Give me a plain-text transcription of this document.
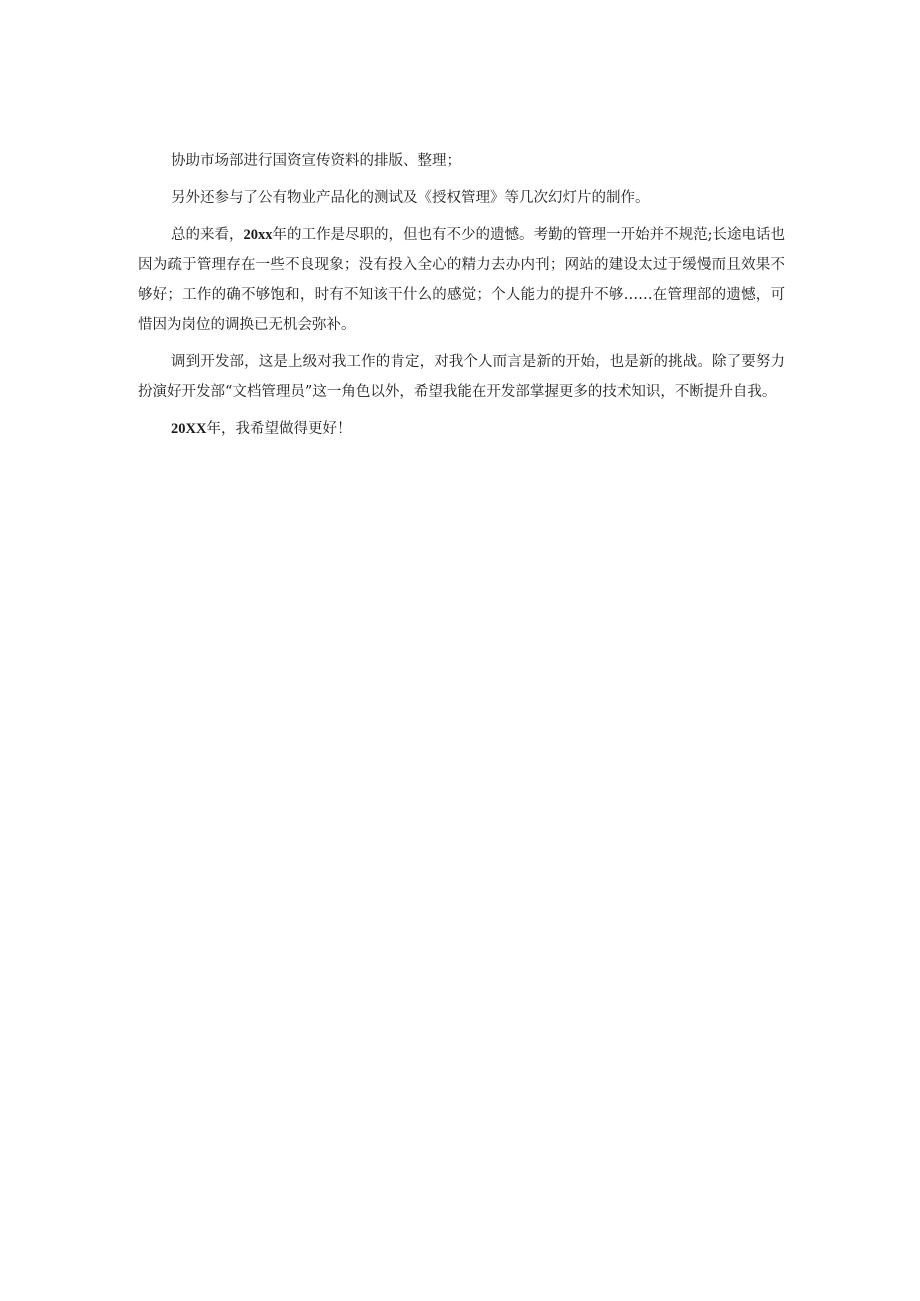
协助市场部进行国资宣传资料的排版、整理；

另外还参与了公有物业产品化的测试及《授权管理》等几次幻灯片的制作。

总的来看，20xx年的工作是尽职的，但也有不少的遗憾。考勤的管理一开始并不规范;长途电话也因为疏于管理存在一些不良现象；没有投入全心的精力去办内刊；网站的建设太过于缓慢而且效果不够好；工作的确不够饱和，时有不知该干什么的感觉；个人能力的提升不够……在管理部的遗憾，可惜因为岗位的调换已无机会弥补。

调到开发部，这是上级对我工作的肯定，对我个人而言是新的开始，也是新的挑战。除了要努力扮演好开发部“文档管理员”这一角色以外，希望我能在开发部掌握更多的技术知识，不断提升自我。

20XX年，我希望做得更好！
